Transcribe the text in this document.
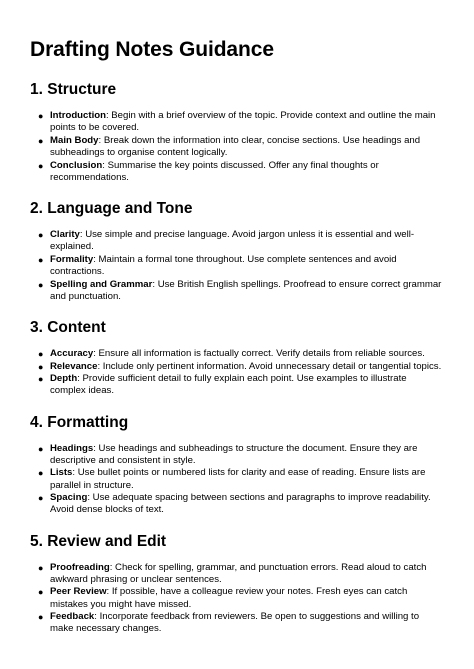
Drafting Notes Guidance
1. Structure
● Introduction: Begin with a brief overview of the topic. Provide context and outline the main points to be covered.
● Main Body: Break down the information into clear, concise sections. Use headings and subheadings to organise content logically.
● Conclusion: Summarise the key points discussed. Offer any final thoughts or recommendations.
2. Language and Tone
● Clarity: Use simple and precise language. Avoid jargon unless it is essential and well-explained.
● Formality: Maintain a formal tone throughout. Use complete sentences and avoid contractions.
● Spelling and Grammar: Use British English spellings. Proofread to ensure correct grammar and punctuation.
3. Content
● Accuracy: Ensure all information is factually correct. Verify details from reliable sources.
● Relevance: Include only pertinent information. Avoid unnecessary detail or tangential topics.
● Depth: Provide sufficient detail to fully explain each point. Use examples to illustrate complex ideas.
4. Formatting
● Headings: Use headings and subheadings to structure the document. Ensure they are descriptive and consistent in style.
● Lists: Use bullet points or numbered lists for clarity and ease of reading. Ensure lists are parallel in structure.
● Spacing: Use adequate spacing between sections and paragraphs to improve readability. Avoid dense blocks of text.
5. Review and Edit
● Proofreading: Check for spelling, grammar, and punctuation errors. Read aloud to catch awkward phrasing or unclear sentences.
● Peer Review: If possible, have a colleague review your notes. Fresh eyes can catch mistakes you might have missed.
● Feedback: Incorporate feedback from reviewers. Be open to suggestions and willing to make necessary changes.
